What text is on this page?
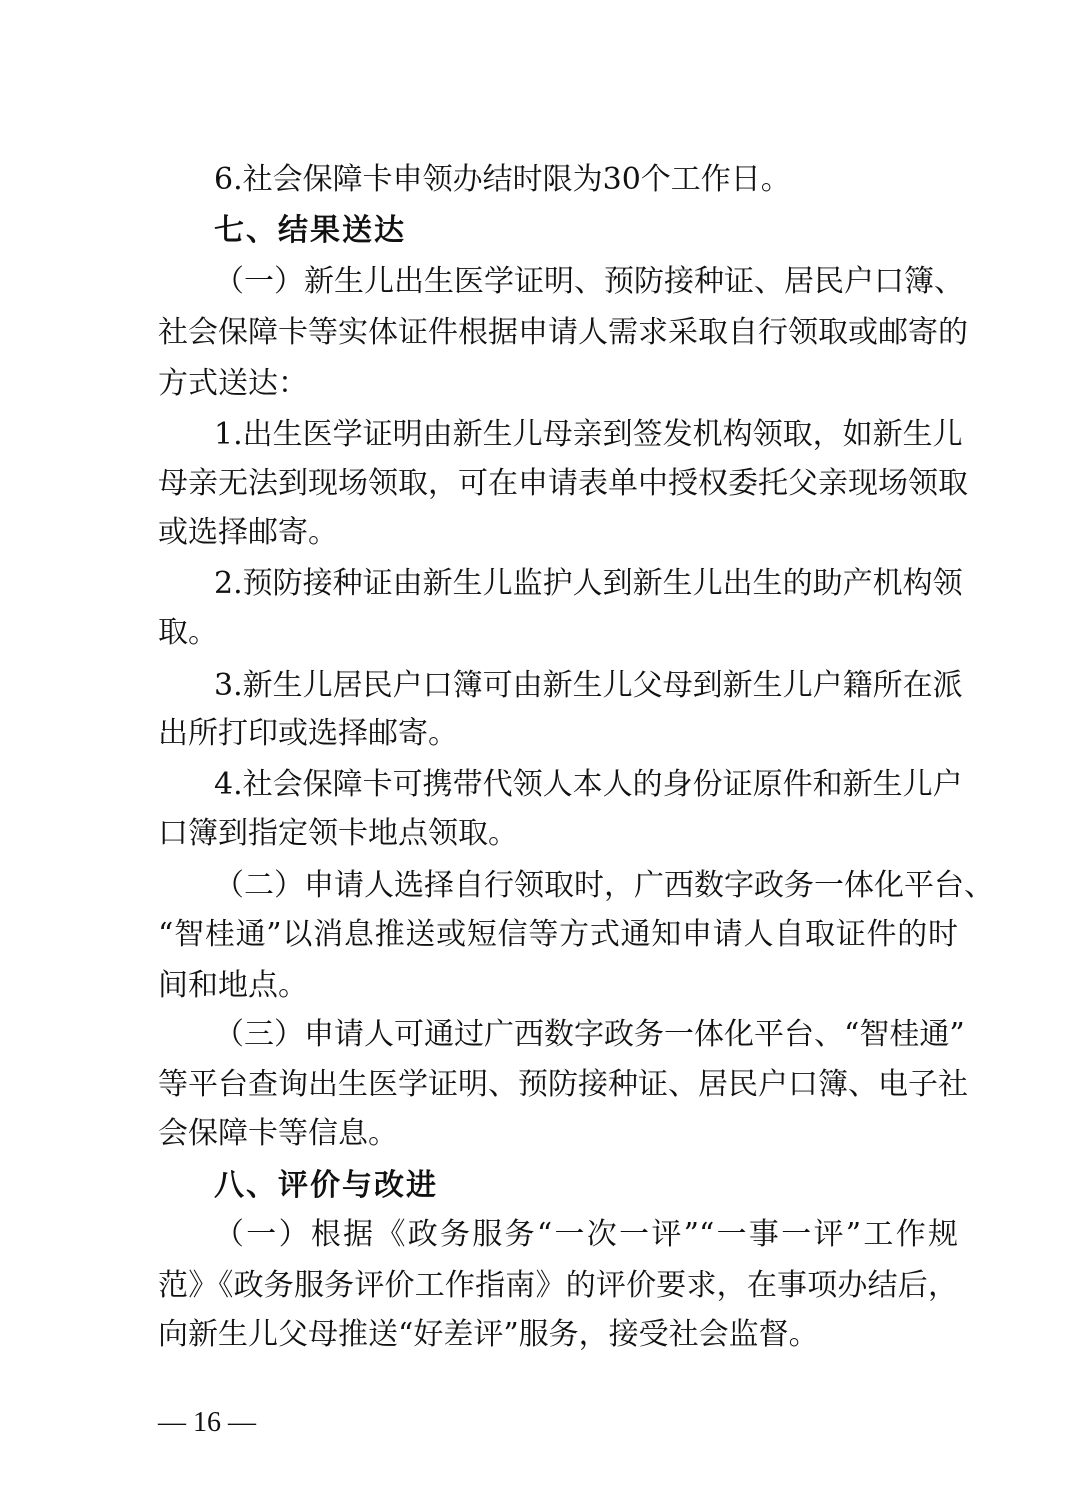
6.社会保障卡申领办结时限为30个工作日。
七、结果送达
（一）新生儿出生医学证明、预防接种证、居民户口簿、
社会保障卡等实体证件根据申请人需求采取自行领取或邮寄的
方式送达：
1.出生医学证明由新生儿母亲到签发机构领取，如新生儿
母亲无法到现场领取，可在申请表单中授权委托父亲现场领取
或选择邮寄。
2.预防接种证由新生儿监护人到新生儿出生的助产机构领
取。
3.新生儿居民户口簿可由新生儿父母到新生儿户籍所在派
出所打印或选择邮寄。
4.社会保障卡可携带代领人本人的身份证原件和新生儿户
口簿到指定领卡地点领取。
（二）申请人选择自行领取时，广西数字政务一体化平台、
“智桂通”以消息推送或短信等方式通知申请人自取证件的时
间和地点。
（三）申请人可通过广西数字政务一体化平台、“智桂通”
等平台查询出生医学证明、预防接种证、居民户口簿、电子社
会保障卡等信息。
八、评价与改进
（一）根据《政务服务“一次一评”“一事一评”工作规
范》《政务服务评价工作指南》的评价要求，在事项办结后，
向新生儿父母推送“好差评”服务，接受社会监督。
— 16 —
